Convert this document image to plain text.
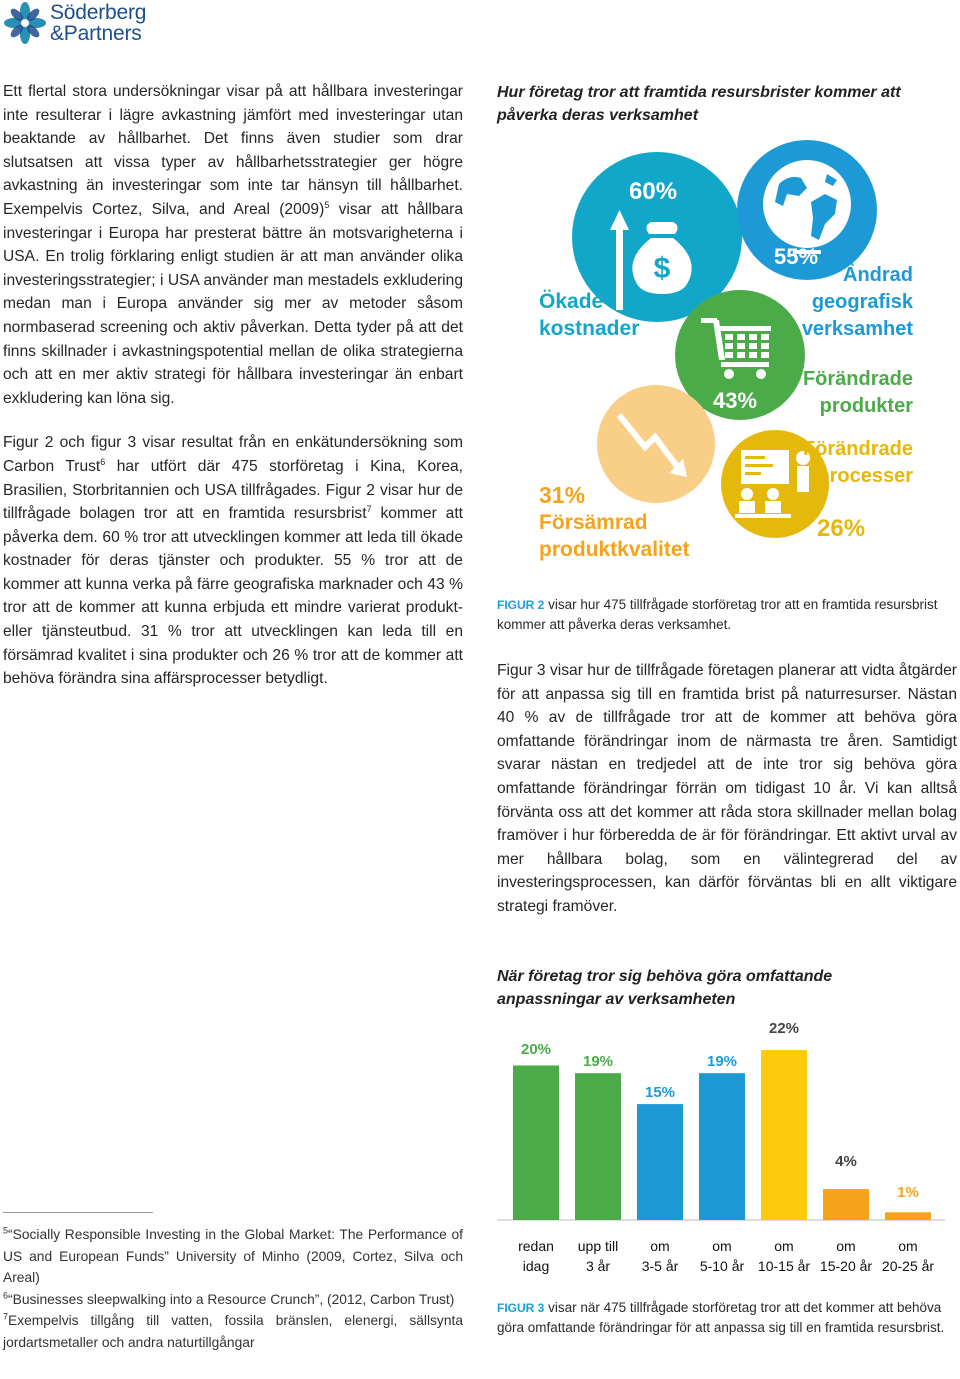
Söderberg
&Partners

Ett flertal stora undersökningar visar på att hållbara investeringar inte resulterar i lägre avkastning jämfört med investeringar utan beaktande av hållbarhet. Det finns även studier som drar slutsatsen att vissa typer av hållbarhetsstrategier ger högre avkastning än investeringar som inte tar hänsyn till hållbarhet. Exempelvis Cortez, Silva, and Areal $(2009)^5$ visar att hållbara investeringar i Europa har presterat bättre än motsvarigheterna i USA. En trolig förklaring enligt studien är att man använder olika investeringsstrategier; i USA använder man mestadels exkludering medan man i Europa använder sig mer av metoder såsom normbaserad screening och aktiv påverkan. Detta tyder på att det finns skillnader i avkastningspotential mellan de olika strategierna och att en mer aktiv strategi för hållbara investeringar än enbart exkludering kan löna sig.

Figur 2 och figur 3 visar resultat från en enkätundersökning som Carbon Trust$^6$ har utfört där 475 storföretag i Kina, Korea, Brasilien, Storbritannien och USA tillfrågades. Figur 2 visar hur de tillfrågade bolagen tror att en framtida resursbrist$^7$ kommer att påverka dem. 60 % tror att utvecklingen kommer att leda till ökade kostnader för deras tjänster och produkter. 55 % tror att de kommer att kunna verka på färre geografiska marknader och 43 % tror att de kommer att kunna erbjuda ett mindre varierat produkt- eller tjänsteutbud. 31 % tror att utvecklingen kan leda till en försämrad kvalitet i sina produkter och 26 % tror att de kommer att behöva förändra sina affärsprocesser betydligt.

$^5$“Socially Responsible Investing in the Global Market: The Performance of US and European Funds” University of Minho (2009, Cortez, Silva och Areal)

$^6$“Businesses sleepwalking into a Resource Crunch”, (2012, Carbon Trust)

$^7$Exempelvis tillgång till vatten, fossila bränslen, elenergi, sällsynta jordartsmetaller och andra naturtillgångar

Hur företag tror att framtida resursbrister kommer att påverka deras verksamhet
$
60%
Ökade
kostnader
55%
Ändrad
geografisk
verksamhet
43%
Förändrade
produkter
31%
Försämrad
produktkvalitet
Förändrade
processer
26%
FIGUR 2 visar hur 475 tillfrågade storföretag tror att en framtida resursbrist kommer att påverka deras verksamhet.

Figur 3 visar hur de tillfrågade företagen planerar att vidta åtgärder för att anpassa sig till en framtida brist på naturresurser. Nästan 40 % av de tillfrågade tror att de kommer att behöva göra omfattande förändringar inom de närmasta tre åren. Samtidigt svarar nästan en tredjedel att de inte tror sig behöva göra omfattande förändringar förrän om tidigast 10 år. Vi kan alltså förvänta oss att det kommer att råda stora skillnader mellan bolag framöver i hur förberedda de är för förändringar. Ett aktivt urval av mer hållbara bolag, som en välintegrerad del av investeringsprocessen, kan därför förväntas bli en allt viktigare strategi framöver.

När företag tror sig behöva göra omfattande anpassningar av verksamheten
20%
redan
idag
19%
upp till
3 år
15%
om
3-5 år
19%
om
5-10 år
22%
om
10-15 år
4%
om
15-20 år
1%
om
20-25 år
FIGUR 3 visar när 475 tillfrågade storföretag tror att det kommer att behöva göra omfattande förändringar för att anpassa sig till en framtida resursbrist.
